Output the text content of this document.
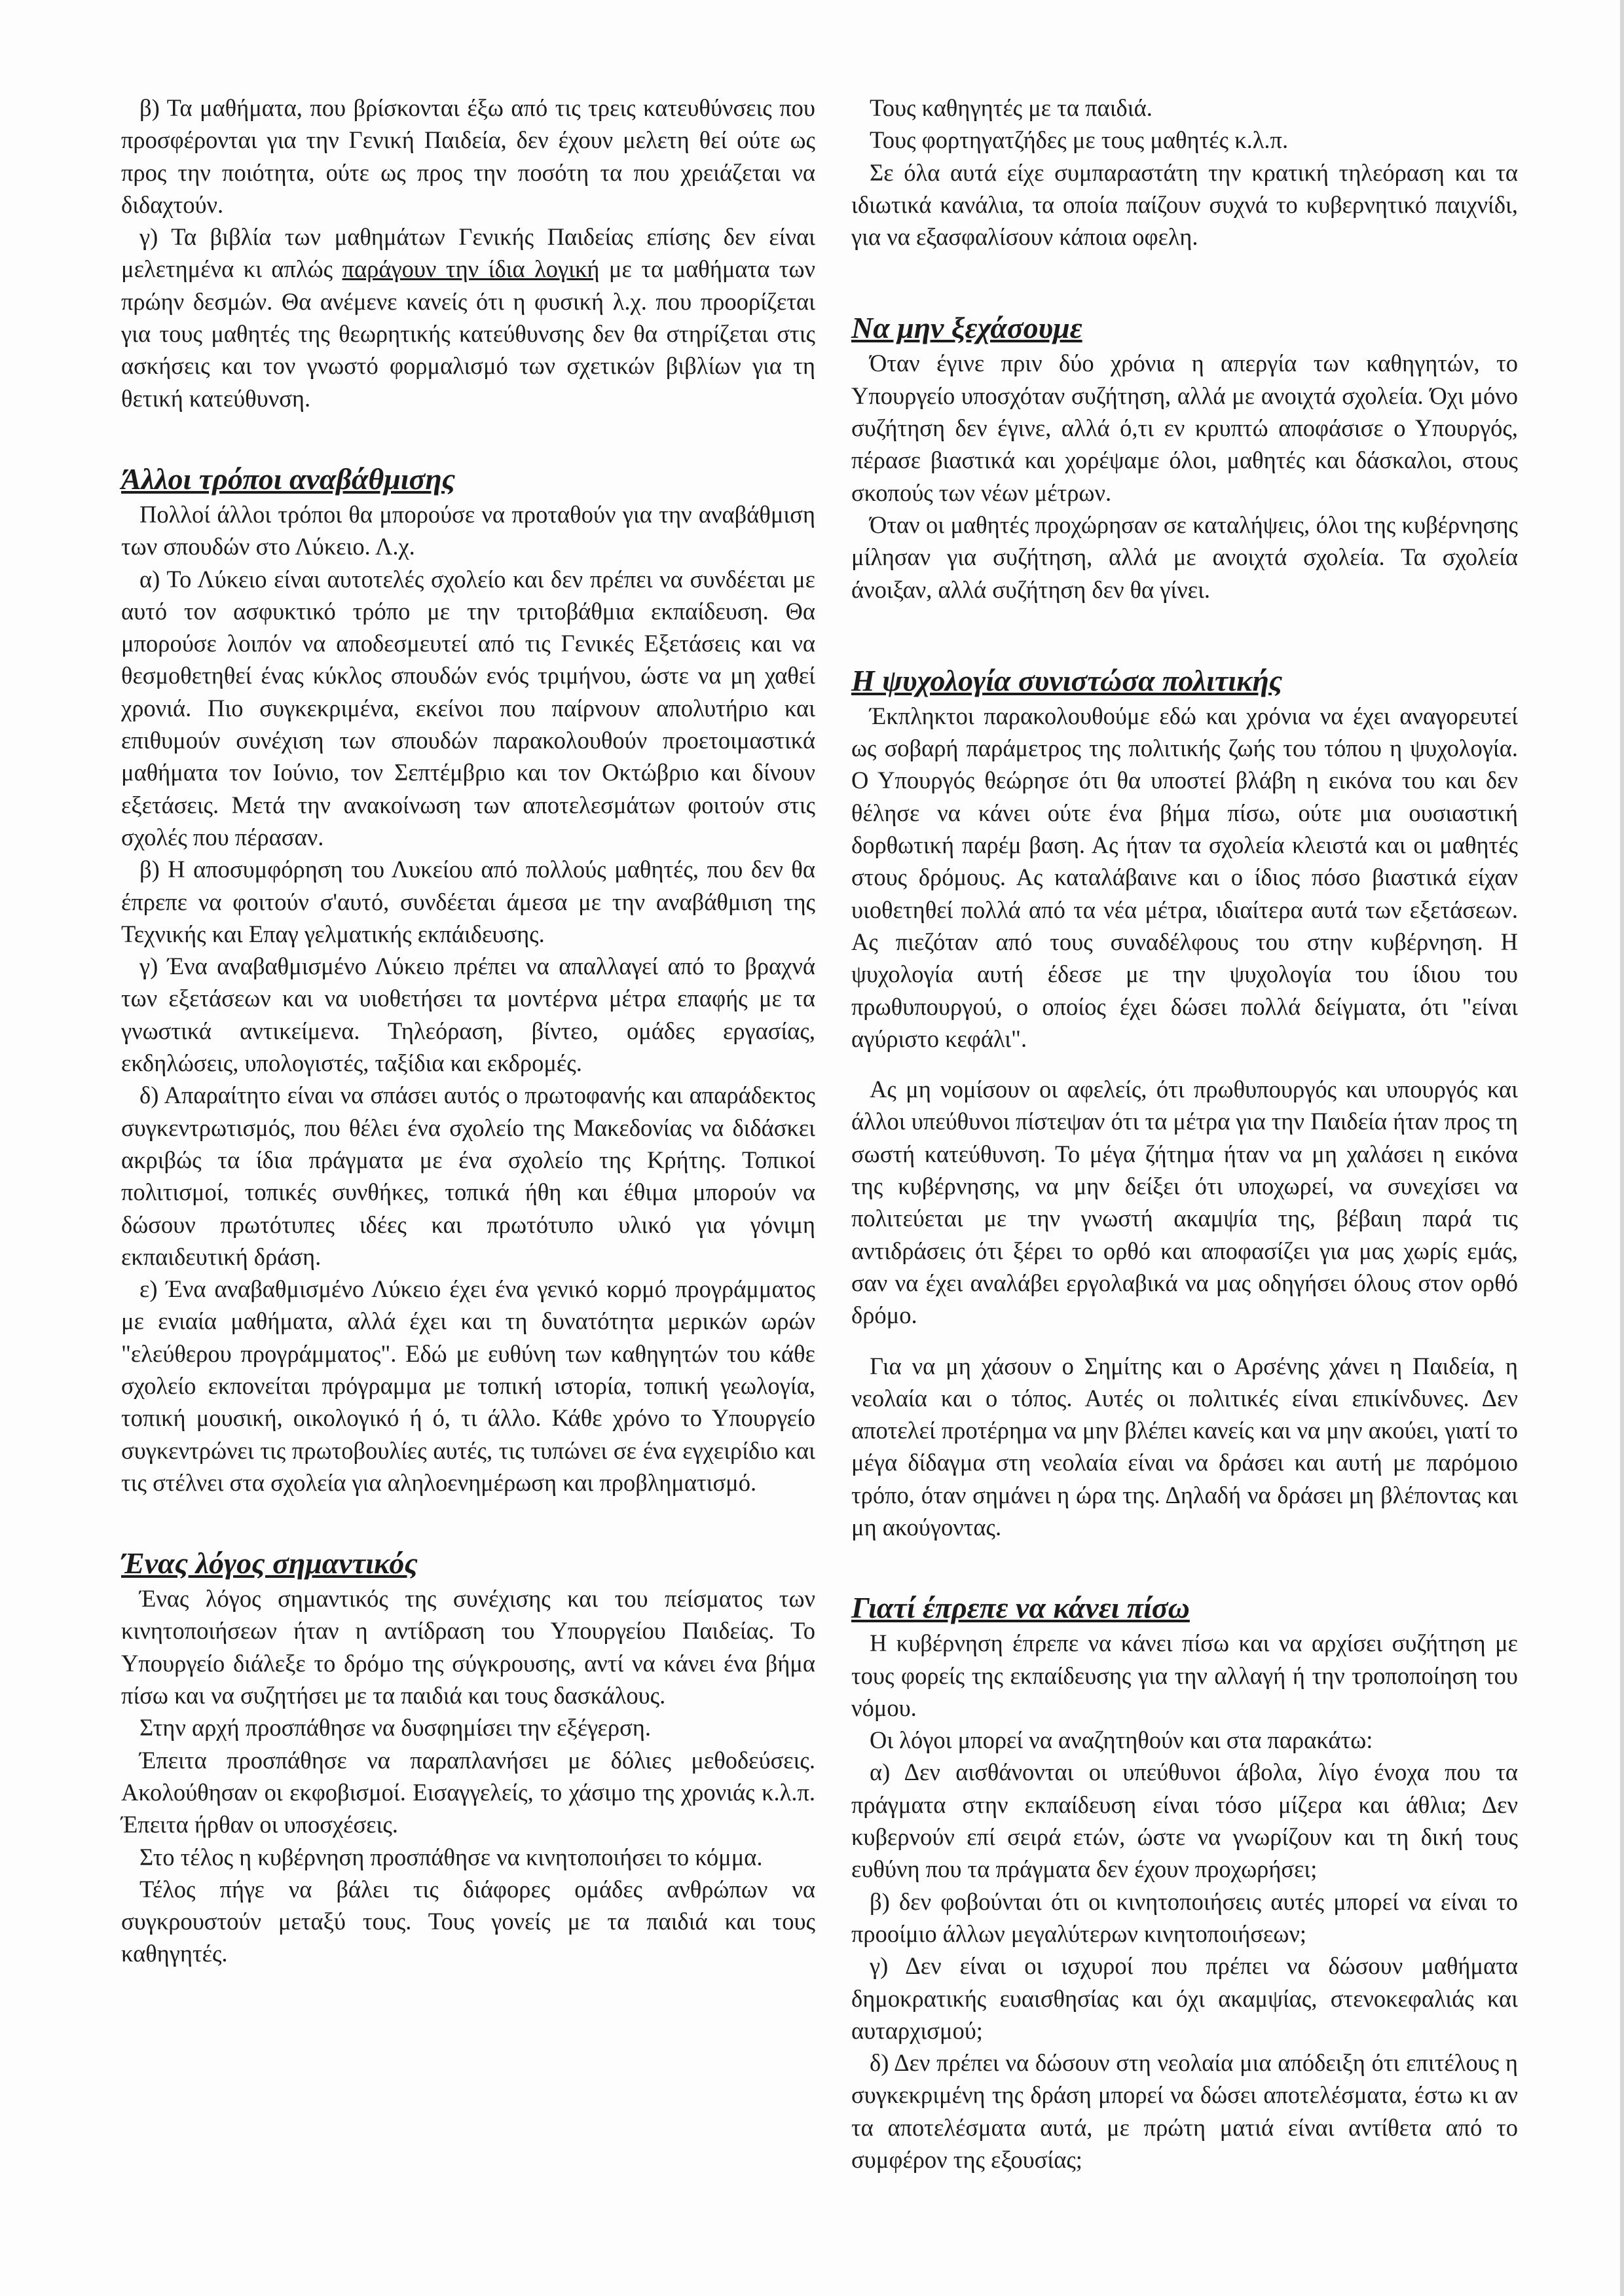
β) Τα μαθήματα, που βρίσκονται έξω από τις τρεις κατευθύνσεις που προσφέρονται για την Γενική Παιδεία, δεν έχουν μελετη θεί ούτε ως προς την ποιότητα, ούτε ως προς την ποσότη τα που χρειάζεται να διδαχτούν.

γ) Τα βιβλία των μαθημάτων Γενικής Παιδείας επίσης δεν είναι μελετημένα κι απλώς παράγουν την ίδια λογική με τα μαθήματα των πρώην δεσμών. Θα ανέμενε κανείς ότι η φυσική λ.χ. που προορίζεται για τους μαθητές της θεωρητικής κατεύθυνσης δεν θα στηρίζεται στις ασκήσεις και τον γνωστό φορμαλισμό των σχετικών βιβλίων για τη θετική κατεύθυνση.

Άλλοι τρόποι αναβάθμισης

Πολλοί άλλοι τρόποι θα μπορούσε να προταθούν για την αναβάθμιση των σπουδών στο Λύκειο. Λ.χ.

α) Το Λύκειο είναι αυτοτελές σχολείο και δεν πρέπει να συνδέεται με αυτό τον ασφυκτικό τρόπο με την τριτοβάθμια εκπαίδευση. Θα μπορούσε λοιπόν να αποδεσμευτεί από τις Γενικές Εξετάσεις και να θεσμοθετηθεί ένας κύκλος σπουδών ενός τριμήνου, ώστε να μη χαθεί χρονιά. Πιο συγκεκριμένα, εκείνοι που παίρνουν απολυτήριο και επιθυμούν συνέχιση των σπουδών παρακολουθούν προετοιμαστικά μαθήματα τον Ιούνιο, τον Σεπτέμβριο και τον Οκτώβριο και δίνουν εξετάσεις. Μετά την ανακοίνωση των αποτελεσμάτων φοιτούν στις σχολές που πέρασαν.

β) Η αποσυμφόρηση του Λυκείου από πολλούς μαθητές, που δεν θα έπρεπε να φοιτούν σ'αυτό, συνδέεται άμεσα με την αναβάθμιση της Τεχνικής και Επαγ γελματικής εκπάιδευσης.

γ) Ένα αναβαθμισμένο Λύκειο πρέπει να απαλλαγεί από το βραχνά των εξετάσεων και να υιοθετήσει τα μοντέρνα μέτρα επαφής με τα γνωστικά αντικείμενα. Τηλεόραση, βίντεο, ομάδες εργασίας, εκδηλώσεις, υπολογιστές, ταξίδια και εκδρομές.

δ) Απαραίτητο είναι να σπάσει αυτός ο πρωτοφανής και απαράδεκτος συγκεντρωτισμός, που θέλει ένα σχολείο της Μακεδονίας να διδάσκει ακριβώς τα ίδια πράγματα με ένα σχολείο της Κρήτης. Τοπικοί πολιτισμοί, τοπικές συνθήκες, τοπικά ήθη και έθιμα μπορούν να δώσουν πρωτότυπες ιδέες και πρωτότυπο υλικό για γόνιμη εκπαιδευτική δράση.

ε) Ένα αναβαθμισμένο Λύκειο έχει ένα γενικό κορμό προγράμματος με ενιαία μαθήματα, αλλά έχει και τη δυνατότητα μερικών ωρών "ελεύθερου προγράμματος". Εδώ με ευθύνη των καθηγητών του κάθε σχολείο εκπονείται πρόγραμμα με τοπική ιστορία, τοπική γεωλογία, τοπική μουσική, οικολογικό ή ό, τι άλλο. Κάθε χρόνο το Υπουργείο συγκεντρώνει τις πρωτοβουλίες αυτές, τις τυπώνει σε ένα εγχειρίδιο και τις στέλνει στα σχολεία για αληλοενημέρωση και προβληματισμό.

Ένας λόγος σημαντικός

Ένας λόγος σημαντικός της συνέχισης και του πείσματος των κινητοποιήσεων ήταν η αντίδραση του Υπουργείου Παιδείας. Το Υπουργείο διάλεξε το δρόμο της σύγκρουσης, αντί να κάνει ένα βήμα πίσω και να συζητήσει με τα παιδιά και τους δασκάλους.

Στην αρχή προσπάθησε να δυσφημίσει την εξέγερση.

Έπειτα προσπάθησε να παραπλανήσει με δόλιες μεθοδεύσεις. Ακολούθησαν οι εκφοβισμοί. Εισαγγελείς, το χάσιμο της χρονιάς κ.λ.π. Έπειτα ήρθαν οι υποσχέσεις.

Στο τέλος η κυβέρνηση προσπάθησε να κινητοποιήσει το κόμμα.

Τέλος πήγε να βάλει τις διάφορες ομάδες ανθρώπων να συγκρουστούν μεταξύ τους. Τους γονείς με τα παιδιά και τους καθηγητές.

Τους καθηγητές με τα παιδιά.

Τους φορτηγατζήδες με τους μαθητές κ.λ.π.

Σε όλα αυτά είχε συμπαραστάτη την κρατική τηλεόραση και τα ιδιωτικά κανάλια, τα οποία παίζουν συχνά το κυβερνητικό παιχνίδι, για να εξασφαλίσουν κάποια οφελη.

Να μην ξεχάσουμε

Όταν έγινε πριν δύο χρόνια η απεργία των καθηγητών, το Υπουργείο υποσχόταν συζήτηση, αλλά με ανοιχτά σχολεία. Όχι μόνο συζήτηση δεν έγινε, αλλά ό,τι εν κρυπτώ αποφάσισε ο Υπουργός, πέρασε βιαστικά και χορέψαμε όλοι, μαθητές και δάσκαλοι, στους σκοπούς των νέων μέτρων.

Όταν οι μαθητές προχώρησαν σε καταλήψεις, όλοι της κυβέρνησης μίλησαν για συζήτηση, αλλά με ανοιχτά σχολεία. Τα σχολεία άνοιξαν, αλλά συζήτηση δεν θα γίνει.

Η ψυχολογία συνιστώσα πολιτικής

Έκπληκτοι παρακολουθούμε εδώ και χρόνια να έχει αναγορευτεί ως σοβαρή παράμετρος της πολιτικής ζωής του τόπου η ψυχολογία. Ο Υπουργός θεώρησε ότι θα υποστεί βλάβη η εικόνα του και δεν θέλησε να κάνει ούτε ένα βήμα πίσω, ούτε μια ουσιαστική δορθωτική παρέμ βαση. Ας ήταν τα σχολεία κλειστά και οι μαθητές στους δρόμους. Ας καταλάβαινε και ο ίδιος πόσο βιαστικά είχαν υιοθετηθεί πολλά από τα νέα μέτρα, ιδιαίτερα αυτά των εξετάσεων. Ας πιεζόταν από τους συναδέλφους του στην κυβέρνηση. Η ψυχολογία αυτή έδεσε με την ψυχολογία του ίδιου του πρωθυπουργού, ο οποίος έχει δώσει πολλά δείγματα, ότι "είναι αγύριστο κεφάλι".

Ας μη νομίσουν οι αφελείς, ότι πρωθυπουργός και υπουργός και άλλοι υπεύθυνοι πίστεψαν ότι τα μέτρα για την Παιδεία ήταν προς τη σωστή κατεύθυνση. Το μέγα ζήτημα ήταν να μη χαλάσει η εικόνα της κυβέρνησης, να μην δείξει ότι υποχωρεί, να συνεχίσει να πολιτεύεται με την γνωστή ακαμψία της, βέβαιη παρά τις αντιδράσεις ότι ξέρει το ορθό και αποφασίζει για μας χωρίς εμάς, σαν να έχει αναλάβει εργολαβικά να μας οδηγήσει όλους στον ορθό δρόμο.

Για να μη χάσουν ο Σημίτης και ο Αρσένης χάνει η Παιδεία, η νεολαία και ο τόπος. Αυτές οι πολιτικές είναι επικίνδυνες. Δεν αποτελεί προτέρημα να μην βλέπει κανείς και να μην ακούει, γιατί το μέγα δίδαγμα στη νεολαία είναι να δράσει και αυτή με παρόμοιο τρόπο, όταν σημάνει η ώρα της. Δηλαδή να δράσει μη βλέποντας και μη ακούγοντας.

Γιατί έπρεπε να κάνει πίσω

Η κυβέρνηση έπρεπε να κάνει πίσω και να αρχίσει συζήτηση με τους φορείς της εκπαίδευσης για την αλλαγή ή την τροποποίηση του νόμου.

Οι λόγοι μπορεί να αναζητηθούν και στα παρακάτω:

α) Δεν αισθάνονται οι υπεύθυνοι άβολα, λίγο ένοχα που τα πράγματα στην εκπαίδευση είναι τόσο μίζερα και άθλια; Δεν κυβερνούν επί σειρά ετών, ώστε να γνωρίζουν και τη δική τους ευθύνη που τα πράγματα δεν έχουν προχωρήσει;

β) δεν φοβούνται ότι οι κινητοποιήσεις αυτές μπορεί να είναι το προοίμιο άλλων μεγαλύτερων κινητοποιήσεων;

γ) Δεν είναι οι ισχυροί που πρέπει να δώσουν μαθήματα δημοκρατικής ευαισθησίας και όχι ακαμψίας, στενοκεφαλιάς και αυταρχισμού;

δ) Δεν πρέπει να δώσουν στη νεολαία μια απόδειξη ότι επιτέλους η συγκεκριμένη της δράση μπορεί να δώσει αποτελέσματα, έστω κι αν τα αποτελέσματα αυτά, με πρώτη ματιά είναι αντίθετα από το συμφέρον της εξουσίας;
